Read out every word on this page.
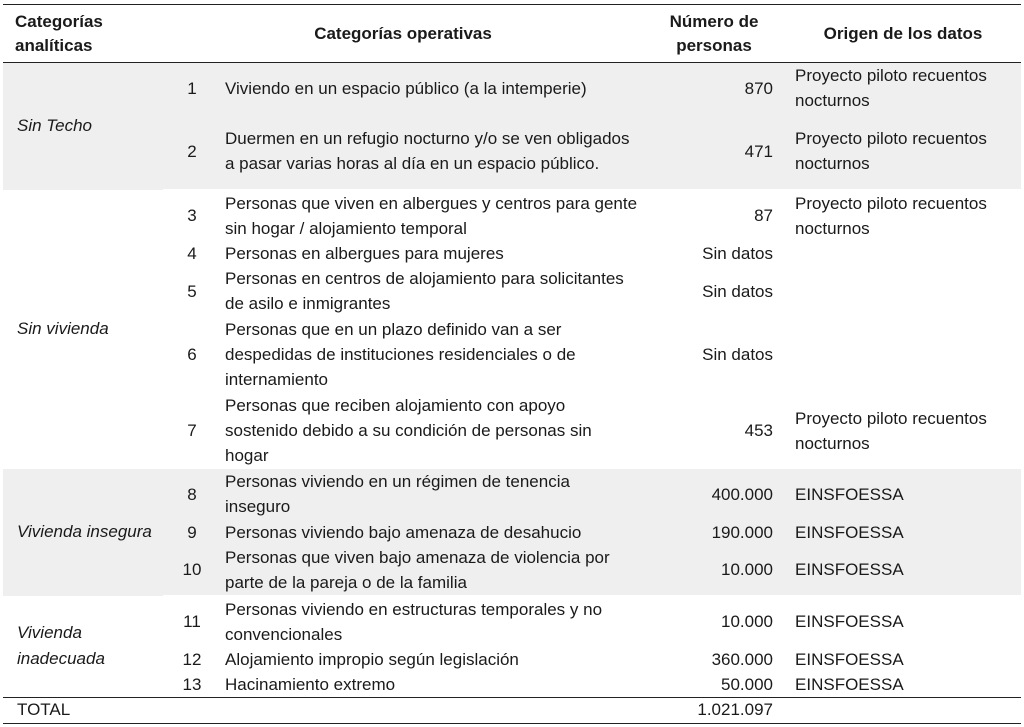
Categorías analíticas	Categorías operativas		Número de personas	Origen de los datos
Sin Techo	1	Viviendo en un espacio público (a la intemperie)	870	Proyecto piloto recuentos nocturnos
	2	Duermen en un refugio nocturno y/o se ven obligados a pasar varias horas al día en un espacio público.	471	Proyecto piloto recuentos nocturnos
Sin vivienda	3	Personas que viven en albergues y centros para gente sin hogar / alojamiento temporal	87	Proyecto piloto recuentos nocturnos
	4	Personas en albergues para mujeres	Sin datos	
	5	Personas en centros de alojamiento para solicitantes de asilo e inmigrantes	Sin datos	
	6	Personas que en un plazo definido van a ser despedidas de instituciones residenciales o de internamiento	Sin datos	
	7	Personas que reciben alojamiento con apoyo sostenido debido a su condición de personas sin hogar	453	Proyecto piloto recuentos nocturnos
Vivienda insegura	8	Personas viviendo en un régimen de tenencia inseguro	400.000	EINSFOESSA
	9	Personas viviendo bajo amenaza de desahucio	190.000	EINSFOESSA
	10	Personas que viven bajo amenaza de violencia por parte de la pareja o de la familia	10.000	EINSFOESSA
Vivienda inadecuada	11	Personas viviendo en estructuras temporales y no convencionales	10.000	EINSFOESSA
	12	Alojamiento impropio según legislación	360.000	EINSFOESSA
	13	Hacinamiento extremo	50.000	EINSFOESSA
TOTAL			1.021.097	
